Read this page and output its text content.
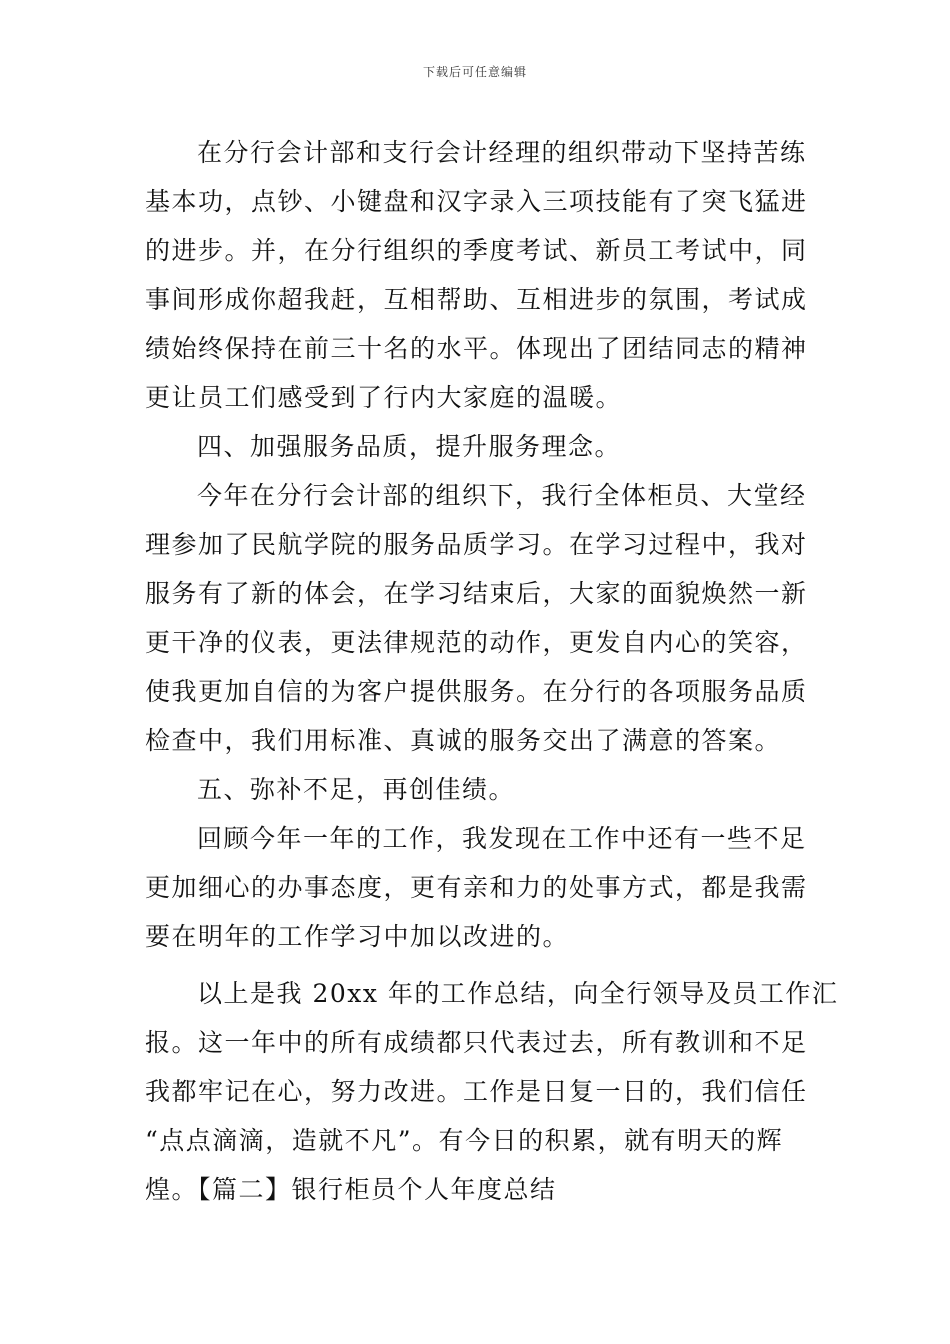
下载后可任意编辑
在分行会计部和支行会计经理的组织带动下坚持苦练
基本功，点钞、小键盘和汉字录入三项技能有了突飞猛进
的进步。并，在分行组织的季度考试、新员工考试中，同
事间形成你超我赶，互相帮助、互相进步的氛围，考试成
绩始终保持在前三十名的水平。体现出了团结同志的精神
更让员工们感受到了行内大家庭的温暖。
四、加强服务品质，提升服务理念。
今年在分行会计部的组织下，我行全体柜员、大堂经
理参加了民航学院的服务品质学习。在学习过程中，我对
服务有了新的体会，在学习结束后，大家的面貌焕然一新
更干净的仪表，更法律规范的动作，更发自内心的笑容，
使我更加自信的为客户提供服务。在分行的各项服务品质
检查中，我们用标准、真诚的服务交出了满意的答案。
五、弥补不足，再创佳绩。
回顾今年一年的工作，我发现在工作中还有一些不足
更加细心的办事态度，更有亲和力的处事方式，都是我需
要在明年的工作学习中加以改进的。
以上是我 20xx 年的工作总结，向全行领导及员工作汇
报。这一年中的所有成绩都只代表过去，所有教训和不足
我都牢记在心，努力改进。工作是日复一日的，我们信任
“点点滴滴，造就不凡”。有今日的积累，就有明天的辉
煌。【篇二】银行柜员个人年度总结
